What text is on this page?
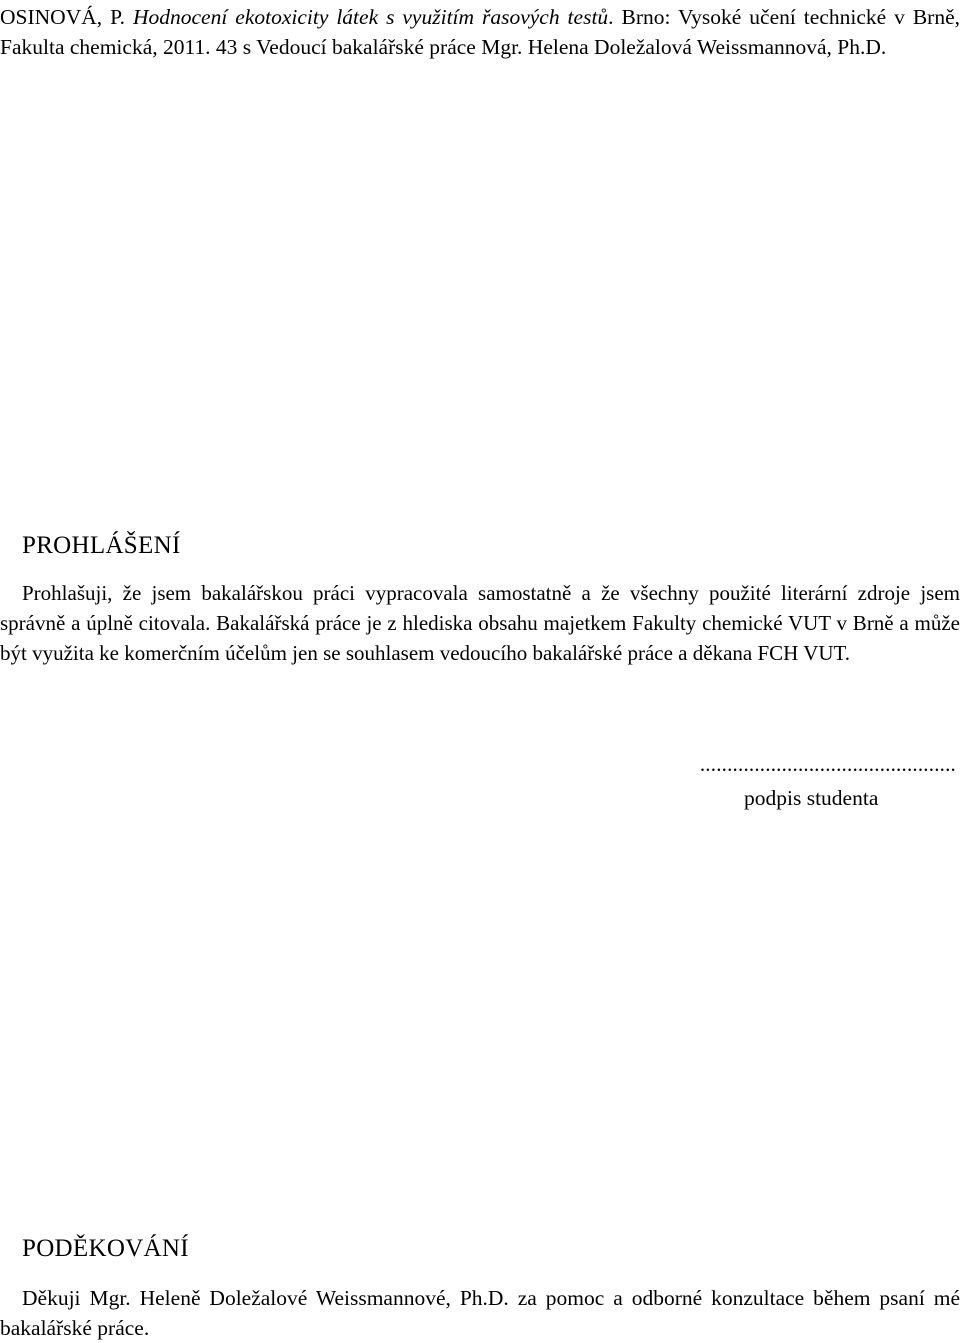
OSINOVÁ, P. Hodnocení ekotoxicity látek s využitím řasových testů. Brno: Vysoké učení technické v Brně, Fakulta chemická, 2011. 43 s Vedoucí bakalářské práce Mgr. Helena Doležalová Weissmannová, Ph.D.

PROHLÁŠENÍ

Prohlašuji, že jsem bakalářskou práci vypracovala samostatně a že všechny použité literární zdroje jsem správně a úplně citovala. Bakalářská práce je z hlediska obsahu majetkem Fakulty chemické VUT v Brně a může být využita ke komerčním účelům jen se souhlasem vedoucího bakalářské práce a děkana FCH VUT.

...............................................
podpis studenta
PODĚKOVÁNÍ

Děkuji Mgr. Heleně Doležalové Weissmannové, Ph.D. za pomoc a odborné konzultace během psaní mé bakalářské práce.
